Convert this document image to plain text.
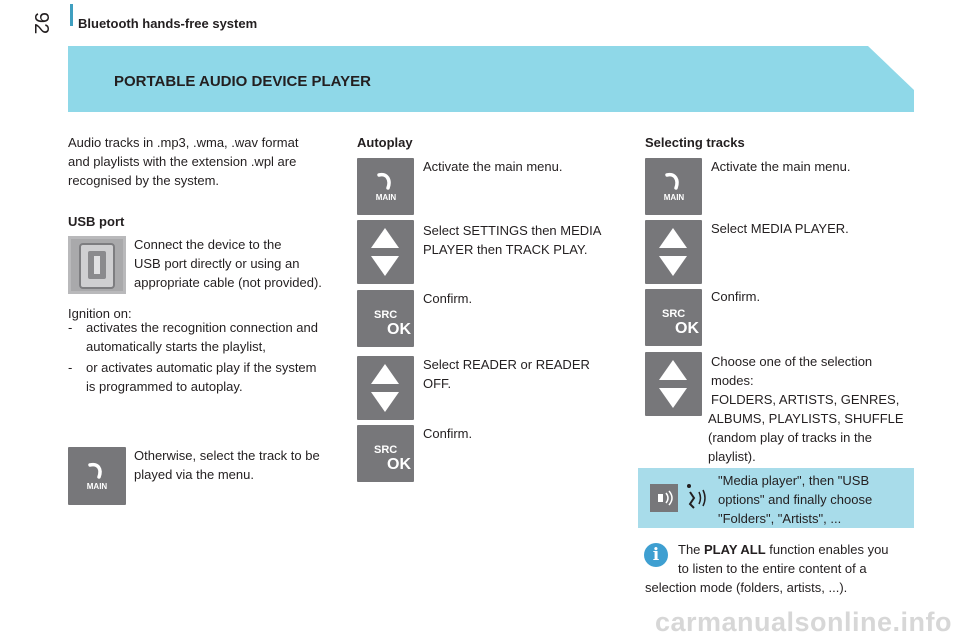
92 Bluetooth hands-free system
PORTABLE AUDIO DEVICE PLAYER
Audio tracks in .mp3, .wma, .wav format
and playlists with the extension .wpl are
recognised by the system.
USB port
Connect the device to the
USB port directly or using an
appropriate cable (not provided).
Ignition on:
- activates the recognition connection and
automatically starts the playlist,
- or activates automatic play if the system
is programmed to autoplay.
MAIN
Otherwise, select the track to be
played via the menu.
Autoplay
MAIN
Activate the main menu.
Select SETTINGS then MEDIA
PLAYER then TRACK PLAY.
SRC
OK
Confirm.
Select READER or READER
OFF.
SRC
OK
Confirm.
Selecting tracks
MAIN
Activate the main menu.
Select MEDIA PLAYER.
SRC
OK
Confirm.
Choose one of the selection
modes:
FOLDERS, ARTISTS, GENRES,
ALBUMS, PLAYLISTS, SHUFFLE
(random play of tracks in the
playlist).
"Media player", then "USB
options" and finally choose
"Folders", "Artists", ...
i	The PLAY ALL function enables you
to listen to the entire content of a
selection mode (folders, artists, ...).
carmanualsonline.info
